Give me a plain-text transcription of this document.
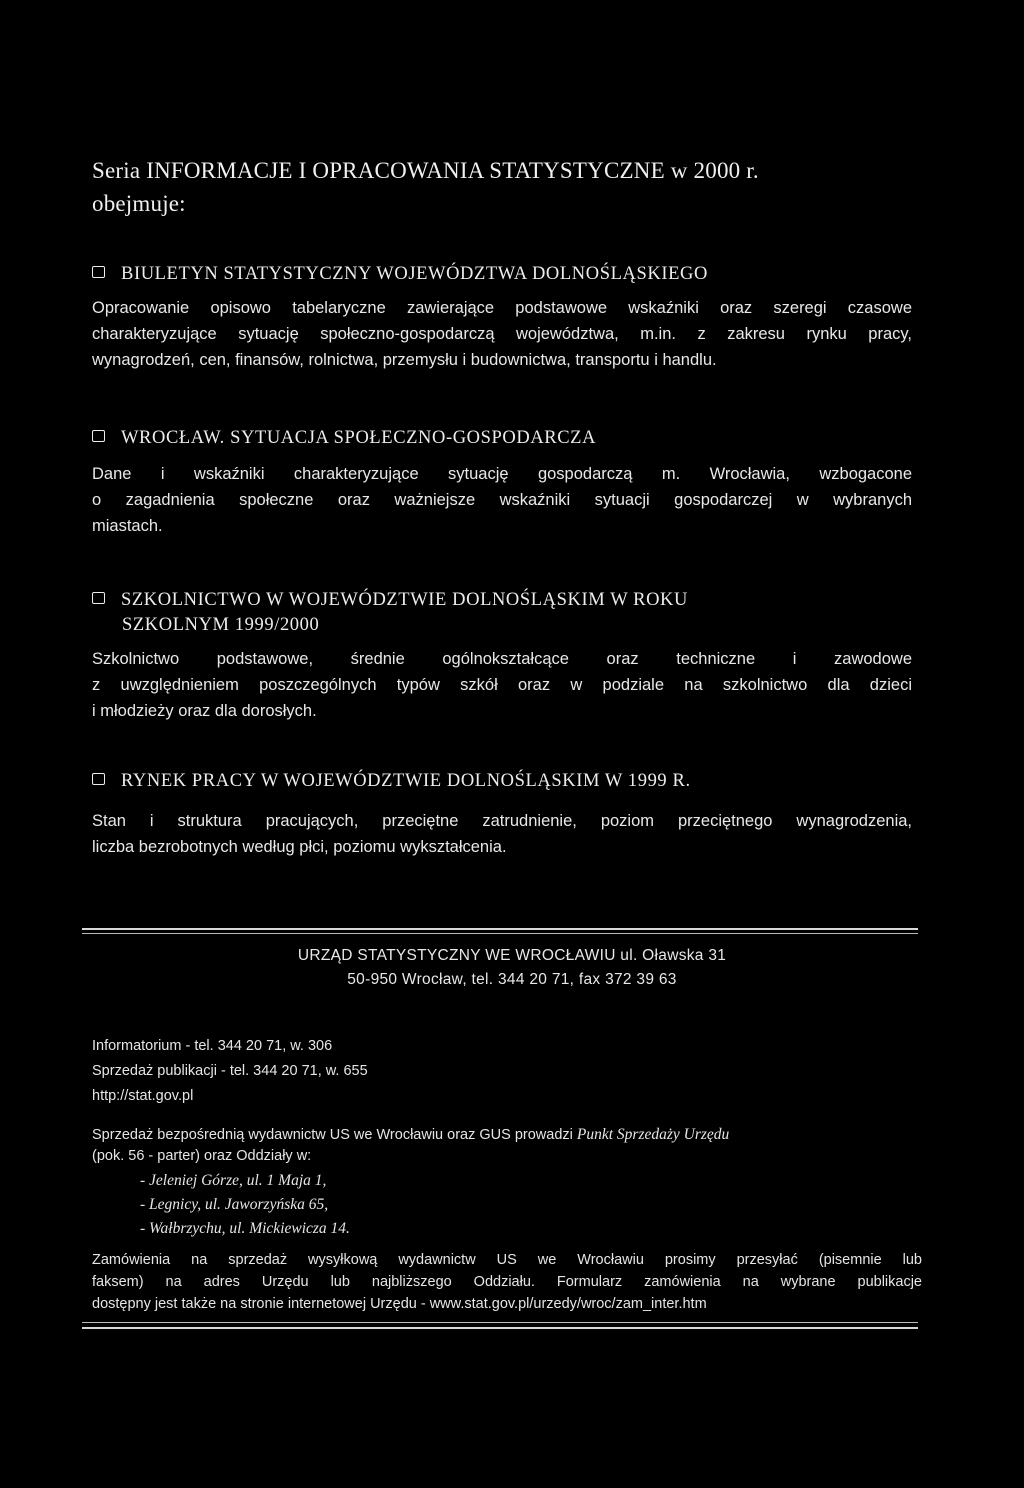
Seria INFORMACJE I OPRACOWANIA STATYSTYCZNE w 2000 r.
obejmuje:
BIULETYN STATYSTYCZNY WOJEWÓDZTWA DOLNOŚLĄSKIEGO
Opracowanie opisowo tabelaryczne zawierające podstawowe wskaźniki oraz szeregi czasowe
charakteryzujące sytuację społeczno-gospodarczą województwa, m.in. z zakresu rynku pracy,
wynagrodzeń, cen, finansów, rolnictwa, przemysłu i budownictwa, transportu i handlu.
WROCŁAW. SYTUACJA SPOŁECZNO-GOSPODARCZA
Dane i wskaźniki charakteryzujące sytuację gospodarczą m. Wrocławia, wzbogacone
o zagadnienia społeczne oraz ważniejsze wskaźniki sytuacji gospodarczej w wybranych
miastach.
SZKOLNICTWO W WOJEWÓDZTWIE DOLNOŚLĄSKIM W ROKU
SZKOLNYM 1999/2000
Szkolnictwo podstawowe, średnie ogólnokształcące oraz techniczne i zawodowe
z uwzględnieniem poszczególnych typów szkół oraz w podziale na szkolnictwo dla dzieci
i młodzieży oraz dla dorosłych.
RYNEK PRACY W WOJEWÓDZTWIE DOLNOŚLĄSKIM W 1999 R.
Stan i struktura pracujących, przeciętne zatrudnienie, poziom przeciętnego wynagrodzenia,
liczba bezrobotnych według płci, poziomu wykształcenia.
URZĄD STATYSTYCZNY WE WROCŁAWIU ul. Oławska 31
50-950 Wrocław, tel. 344 20 71, fax 372 39 63
Informatorium - tel. 344 20 71, w. 306
Sprzedaż publikacji - tel. 344 20 71, w. 655
http://stat.gov.pl
Sprzedaż bezpośrednią wydawnictw US we Wrocławiu oraz GUS prowadzi Punkt Sprzedaży Urzędu
(pok. 56 - parter) oraz Oddziały w:
- Jeleniej Górze, ul. 1 Maja 1,
- Legnicy, ul. Jaworzyńska 65,
- Wałbrzychu, ul. Mickiewicza 14.
Zamówienia na sprzedaż wysyłkową wydawnictw US we Wrocławiu prosimy przesyłać (pisemnie lub
faksem) na adres Urzędu lub najbliższego Oddziału. Formularz zamówienia na wybrane publikacje
dostępny jest także na stronie internetowej Urzędu - www.stat.gov.pl/urzedy/wroc/zam_inter.htm
